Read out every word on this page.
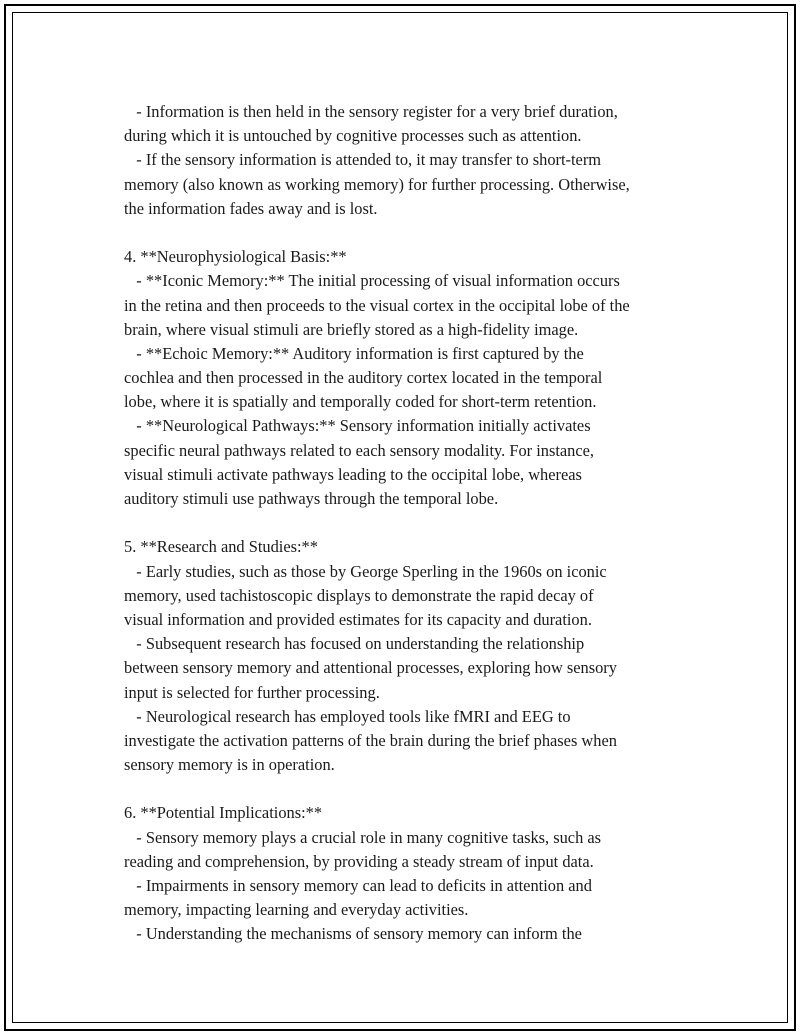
- Information is then held in the sensory register for a very brief duration,
during which it is untouched by cognitive processes such as attention.
- If the sensory information is attended to, it may transfer to short-term
memory (also known as working memory) for further processing. Otherwise,
the information fades away and is lost.
4. **Neurophysiological Basis:**
- **Iconic Memory:** The initial processing of visual information occurs
in the retina and then proceeds to the visual cortex in the occipital lobe of the
brain, where visual stimuli are briefly stored as a high-fidelity image.
- **Echoic Memory:** Auditory information is first captured by the
cochlea and then processed in the auditory cortex located in the temporal
lobe, where it is spatially and temporally coded for short-term retention.
- **Neurological Pathways:** Sensory information initially activates
specific neural pathways related to each sensory modality. For instance,
visual stimuli activate pathways leading to the occipital lobe, whereas
auditory stimuli use pathways through the temporal lobe.
5. **Research and Studies:**
- Early studies, such as those by George Sperling in the 1960s on iconic
memory, used tachistoscopic displays to demonstrate the rapid decay of
visual information and provided estimates for its capacity and duration.
- Subsequent research has focused on understanding the relationship
between sensory memory and attentional processes, exploring how sensory
input is selected for further processing.
- Neurological research has employed tools like fMRI and EEG to
investigate the activation patterns of the brain during the brief phases when
sensory memory is in operation.
6. **Potential Implications:**
- Sensory memory plays a crucial role in many cognitive tasks, such as
reading and comprehension, by providing a steady stream of input data.
- Impairments in sensory memory can lead to deficits in attention and
memory, impacting learning and everyday activities.
- Understanding the mechanisms of sensory memory can inform the
